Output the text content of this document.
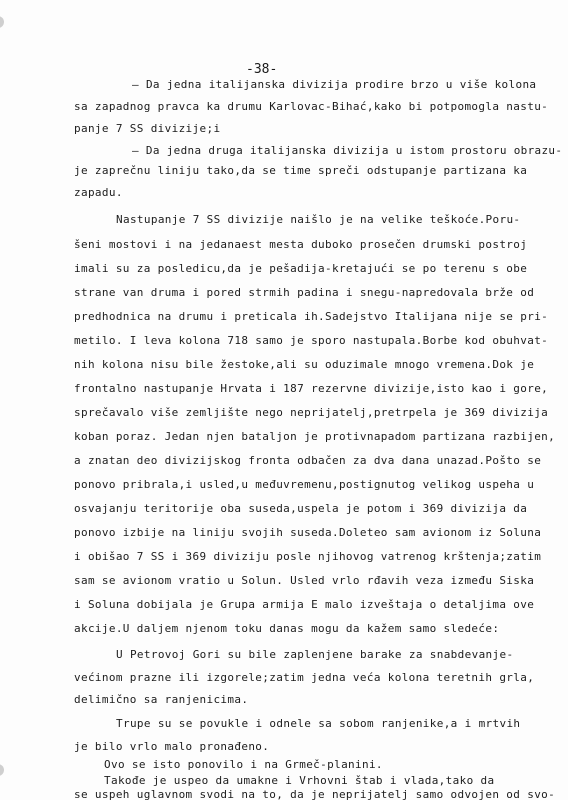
-38-
– Da jedna italijanska divizija prodire brzo u više kolona
sa zapadnog pravca ka drumu Karlovac-Bihać,kako bi potpomogla nastu-
panje 7 SS divizije;i
– Da jedna druga italijanska divizija u istom prostoru obrazu-
je zaprečnu liniju tako,da se time spreči odstupanje partizana ka
zapadu.
Nastupanje 7 SS divizije naišlo je na velike teškoće.Poru-
šeni mostovi i na jedanaest mesta duboko prosečen drumski postroj
imali su za posledicu,da je pešadija-kretajući se po terenu s obe
strane van druma i pored strmih padina i snegu-napredovala brže od
predhodnica na drumu i preticala ih.Sadejstvo Italijana nije se pri-
metilo. I leva kolona 718 samo je sporo nastupala.Borbe kod obuhvat-
nih kolona nisu bile žestoke,ali su oduzimale mnogo vremena.Dok je
frontalno nastupanje Hrvata i 187 rezervne divizije,isto kao i gore,
sprečavalo više zemljište nego neprijatelj,pretrpela je 369 divizija
koban poraz. Jedan njen bataljon je protivnapadom partizana razbijen,
a znatan deo divizijskog fronta odbačen za dva dana unazad.Pošto se
ponovo pribrala,i usled,u međuvremenu,postignutog velikog uspeha u
osvajanju teritorije oba suseda,uspela je potom i 369 divizija da
ponovo izbije na liniju svojih suseda.Doleteo sam avionom iz Soluna
i obišao 7 SS i 369 diviziju posle njihovog vatrenog krštenja;zatim
sam se avionom vratio u Solun. Usled vrlo rđavih veza između Siska
i Soluna dobijala je Grupa armija E malo izveštaja o detaljima ove
akcije.U daljem njenom toku danas mogu da kažem samo sledeće:
U Petrovoj Gori su bile zaplenjene barake za snabdevanje-
većinom prazne ili izgorele;zatim jedna veća kolona teretnih grla,
delimično sa ranjenicima.
Trupe su se povukle i odnele sa sobom ranjenike,a i mrtvih
je bilo vrlo malo pronađeno.
Ovo se isto ponovilo i na Grmeč-planini.
Takođe je uspeo da umakne i Vrhovni štab i vlada,tako da
se uspeh uglavnom svodi na to, da je neprijatelj samo odvojen od svo-
